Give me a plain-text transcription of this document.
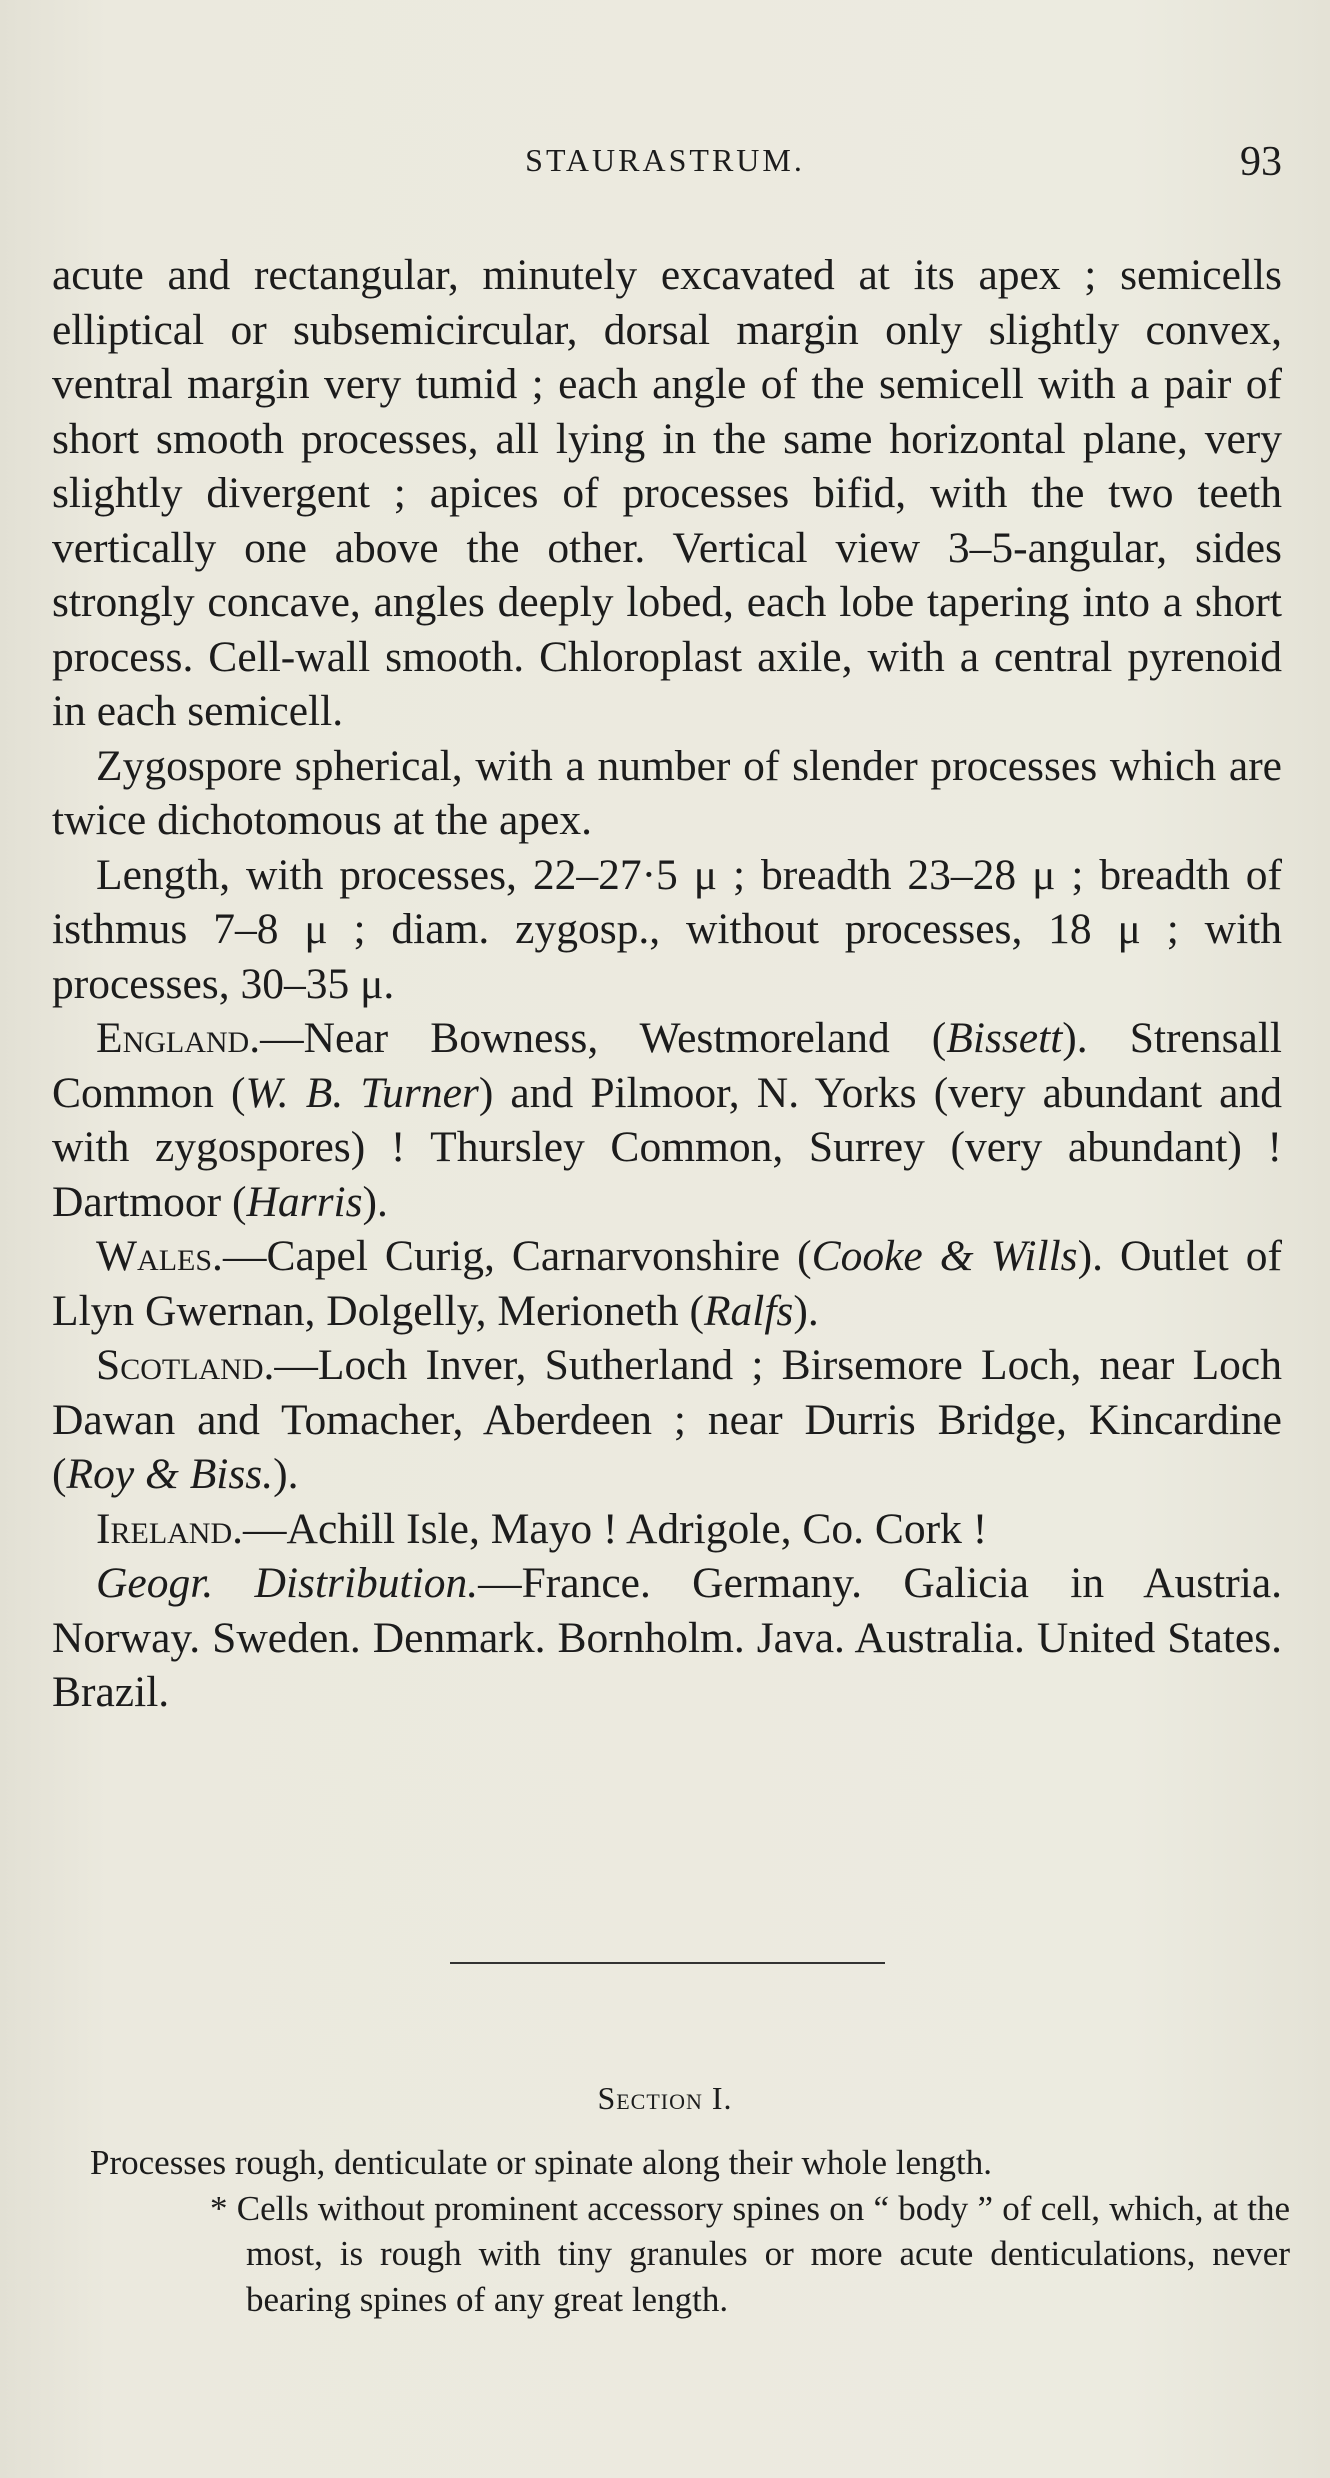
STAURASTRUM.	93

acute and rectangular, minutely excavated at its apex ; semicells elliptical or subsemicircular, dorsal margin only slightly convex, ventral margin very tumid ; each angle of the semicell with a pair of short smooth processes, all lying in the same horizontal plane, very slightly divergent ; apices of processes bifid, with the two teeth vertically one above the other. Vertical view 3–5-angular, sides strongly concave, angles deeply lobed, each lobe tapering into a short process. Cell-wall smooth. Chloroplast axile, with a central pyrenoid in each semicell.

Zygospore spherical, with a number of slender processes which are twice dichotomous at the apex.

Length, with processes, 22–27·5 μ ; breadth 23–28 μ ; breadth of isthmus 7–8 μ ; diam. zygosp., without processes, 18 μ ; with processes, 30–35 μ.

England.—Near Bowness, Westmoreland (Bissett). Strensall Common (W. B. Turner) and Pilmoor, N. Yorks (very abundant and with zygospores) ! Thursley Common, Surrey (very abundant) ! Dartmoor (Harris).

Wales.—Capel Curig, Carnarvonshire (Cooke & Wills). Outlet of Llyn Gwernan, Dolgelly, Merioneth (Ralfs).

Scotland.—Loch Inver, Sutherland ; Birsemore Loch, near Loch Dawan and Tomacher, Aberdeen ; near Durris Bridge, Kincardine (Roy & Biss.).

Ireland.—Achill Isle, Mayo ! Adrigole, Co. Cork !

Geogr. Distribution.—France. Germany. Galicia in Austria. Norway. Sweden. Denmark. Bornholm. Java. Australia. United States. Brazil.

Section I.

Processes rough, denticulate or spinate along their whole length.

* Cells without prominent accessory spines on “ body ” of cell, which, at the most, is rough with tiny granules or more acute denticulations, never bearing spines of any great length.
